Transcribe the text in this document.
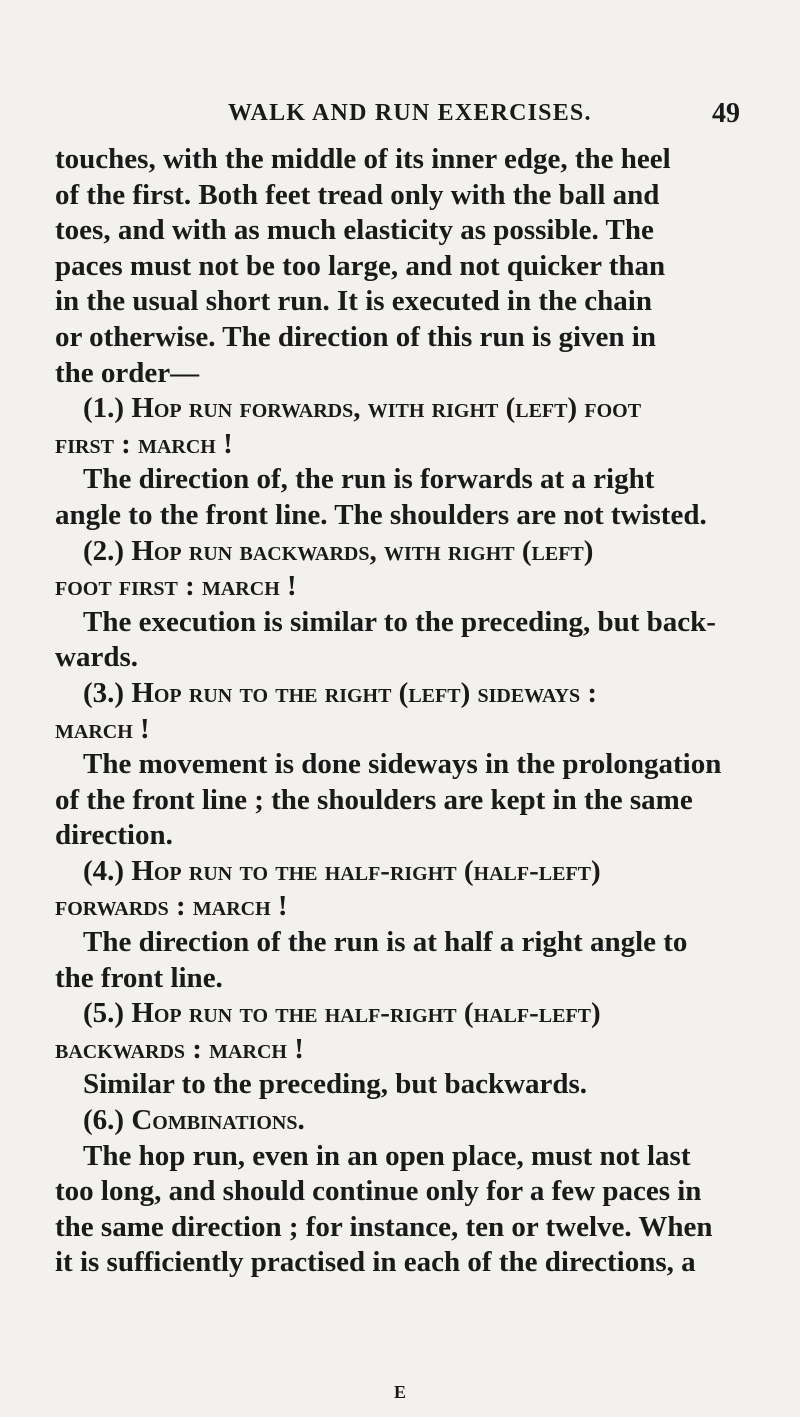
WALK AND RUN EXERCISES.	49
touches, with the middle of its inner edge, the heel
of the first. Both feet tread only with the ball and
toes, and with as much elasticity as possible. The
paces must not be too large, and not quicker than
in the usual short run. It is executed in the chain
or otherwise. The direction of this run is given in
the order—
(1.) Hop run forwards, with right (left) foot
first : march !
The direction of, the run is forwards at a right
angle to the front line. The shoulders are not twisted.
(2.) Hop run backwards, with right (left)
foot first : march !
The execution is similar to the preceding, but back-
wards.
(3.) Hop run to the right (left) sideways :
march !
The movement is done sideways in the prolongation
of the front line ; the shoulders are kept in the same
direction.
(4.) Hop run to the half-right (half-left)
forwards : march !
The direction of the run is at half a right angle to
the front line.
(5.) Hop run to the half-right (half-left)
backwards : march !
Similar to the preceding, but backwards.
(6.) Combinations.
The hop run, even in an open place, must not last
too long, and should continue only for a few paces in
the same direction ; for instance, ten or twelve. When
it is sufficiently practised in each of the directions, a
E
